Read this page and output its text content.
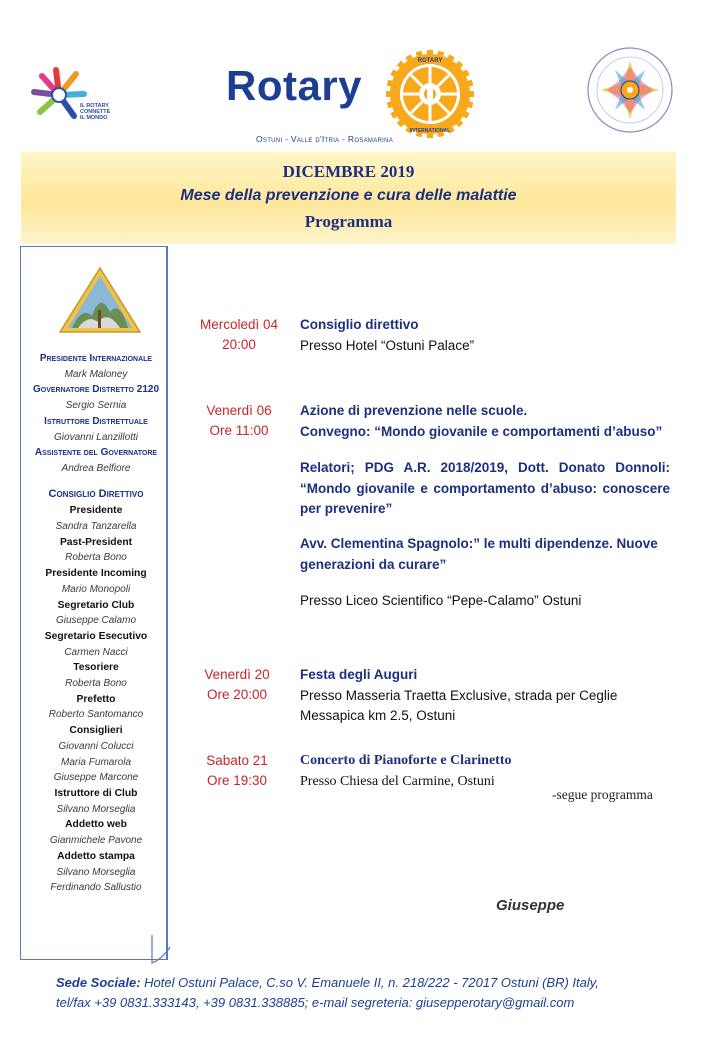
IL ROTARY
CONNETTE
IL MONDO
Rotary
ROTARY
INTERNATIONAL
Ostuni - Valle d'Itria - Rosamarina
DICEMBRE 2019
Mese della prevenzione e cura delle malattie
Programma
Presidente Internazionale
Mark Maloney
Governatore Distretto 2120
Sergio Sernia
Istruttore Distrettuale
Giovanni Lanzillotti
Assistente del Governatore
Andrea Belfiore
Consiglio Direttivo
Presidente
Sandra Tanzarella
Past-President
Roberta Bono
Presidente Incoming
Mario Monopoli
Segretario Club
Giuseppe Calamo
Segretario Esecutivo
Carmen Nacci
Tesoriere
Roberta Bono
Prefetto
Roberto Santomanco
Consiglieri
Giovanni Colucci
Maria Fumarola
Giuseppe Marcone
Istruttore di Club
Silvano Morseglia
Addetto web
Gianmichele Pavone
Addetto stampa
Silvano Morseglia
Ferdinando Sallustio
Mercoledì 04
20:00
Consiglio direttivo
Presso Hotel “Ostuni Palace”
Venerdì 06
Ore 11:00
Azione di prevenzione nelle scuole.
Convegno: “Mondo giovanile e comportamenti d’abuso”
Relatori; PDG A.R. 2018/2019, Dott. Donato Donnoli: “Mondo giovanile e comportamento d’abuso: conoscere per prevenire”
Avv. Clementina Spagnolo:” le multi dipendenze. Nuove generazioni da curare”
Presso Liceo Scientifico “Pepe-Calamo” Ostuni
Venerdì 20
Ore 20:00
Festa degli Auguri
Presso Masseria Traetta Exclusive, strada per Ceglie Messapica km 2.5, Ostuni
Sabato 21
Ore 19:30
Concerto di Pianoforte e Clarinetto
Presso Chiesa del Carmine, Ostuni
-segue programma
Giuseppe
Sede Sociale: Hotel Ostuni Palace, C.so V. Emanuele II, n. 218/222 - 72017 Ostuni (BR) Italy,
tel/fax +39 0831.333143, +39 0831.338885; e-mail segreteria: giusepperotary@gmail.com
